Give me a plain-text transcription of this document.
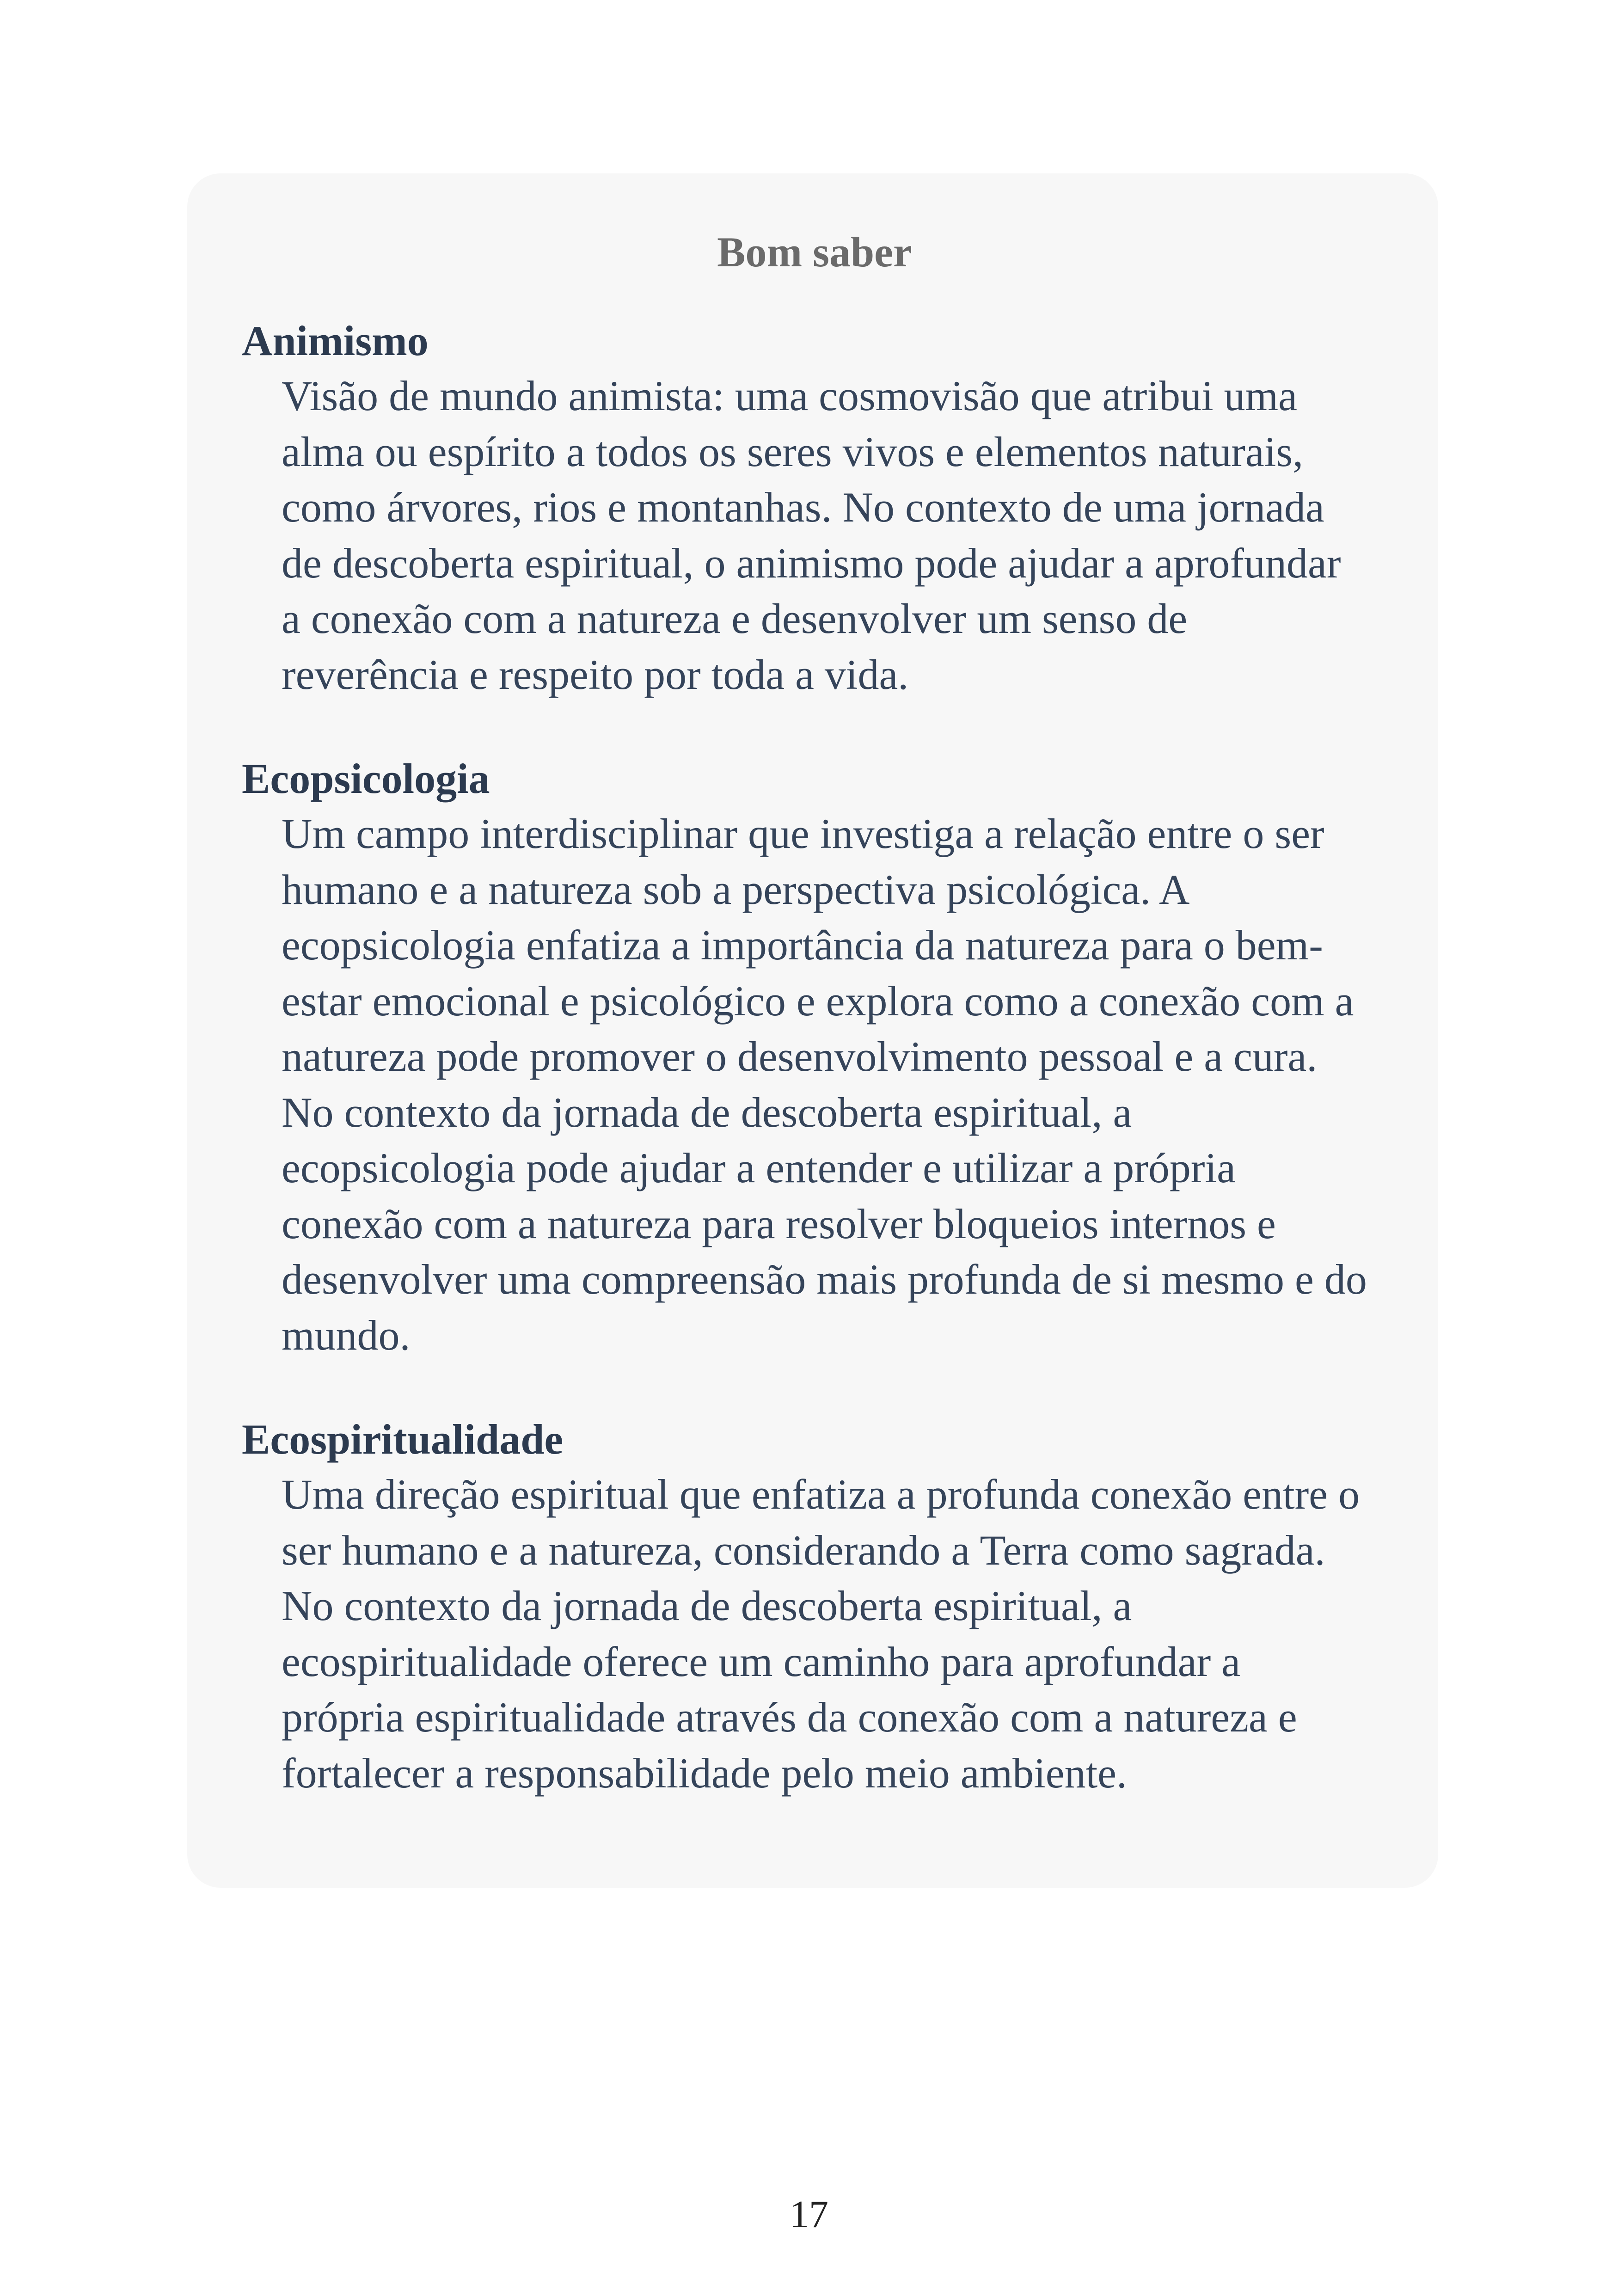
Bom saber
Animismo
Visão de mundo animista: uma cosmovisão que atribui uma
alma ou espírito a todos os seres vivos e elementos naturais,
como árvores, rios e montanhas. No contexto de uma jornada
de descoberta espiritual, o animismo pode ajudar a aprofundar
a conexão com a natureza e desenvolver um senso de
reverência e respeito por toda a vida.
Ecopsicologia
Um campo interdisciplinar que investiga a relação entre o ser
humano e a natureza sob a perspectiva psicológica. A
ecopsicologia enfatiza a importância da natureza para o bem-
estar emocional e psicológico e explora como a conexão com a
natureza pode promover o desenvolvimento pessoal e a cura.
No contexto da jornada de descoberta espiritual, a
ecopsicologia pode ajudar a entender e utilizar a própria
conexão com a natureza para resolver bloqueios internos e
desenvolver uma compreensão mais profunda de si mesmo e do
mundo.
Ecospiritualidade
Uma direção espiritual que enfatiza a profunda conexão entre o
ser humano e a natureza, considerando a Terra como sagrada.
No contexto da jornada de descoberta espiritual, a
ecospiritualidade oferece um caminho para aprofundar a
própria espiritualidade através da conexão com a natureza e
fortalecer a responsabilidade pelo meio ambiente.
17
